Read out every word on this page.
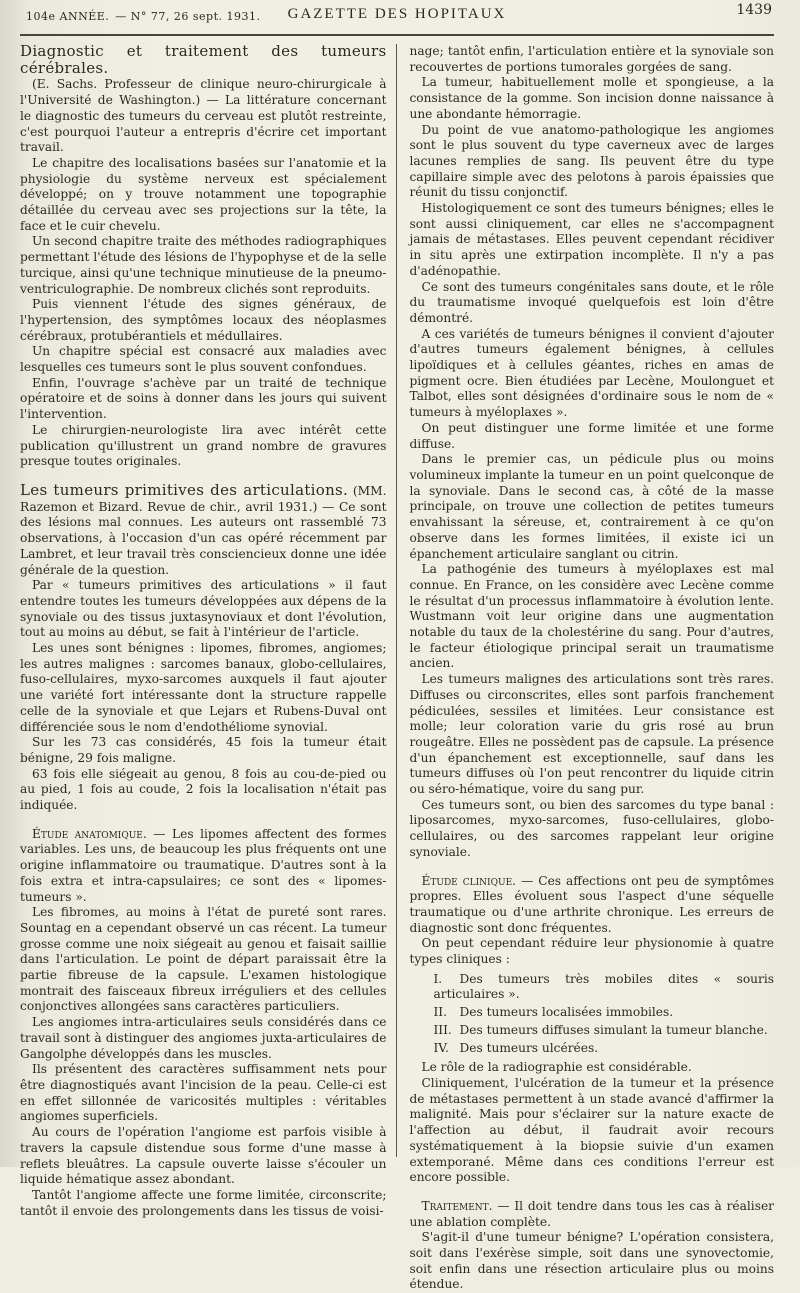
104e ANNÉE. — N° 77, 26 sept. 1931.	GAZETTE DES HOPITAUX	1439

Diagnostic et traitement des tumeurs cérébrales.

(E. Sachs. Professeur de clinique neuro-chirurgicale à l'Université de Washington.) — La littérature concernant le diagnostic des tumeurs du cerveau est plutôt restreinte, c'est pourquoi l'auteur a entrepris d'écrire cet important travail.

Le chapitre des localisations basées sur l'anatomie et la physiologie du système nerveux est spécialement développé; on y trouve notamment une topographie détaillée du cerveau avec ses projections sur la tête, la face et le cuir chevelu.

Un second chapitre traite des méthodes radiographiques permettant l'étude des lésions de l'hypophyse et de la selle turcique, ainsi qu'une technique minutieuse de la pneumo-ventriculographie. De nombreux clichés sont reproduits.

Puis viennent l'étude des signes généraux, de l'hypertension, des symptômes locaux des néoplasmes cérébraux, protubérantiels et médullaires.

Un chapitre spécial est consacré aux maladies avec lesquelles ces tumeurs sont le plus souvent confondues.

Enfin, l'ouvrage s'achève par un traité de technique opératoire et de soins à donner dans les jours qui suivent l'intervention.

Le chirurgien-neurologiste lira avec intérêt cette publication qu'illustrent un grand nombre de gravures presque toutes originales.

Les tumeurs primitives des articulations. (MM. Razemon et Bizard. Revue de chir., avril 1931.) — Ce sont des lésions mal connues. Les auteurs ont rassemblé 73 observations, à l'occasion d'un cas opéré récemment par Lambret, et leur travail très consciencieux donne une idée générale de la question.

Par « tumeurs primitives des articulations » il faut entendre toutes les tumeurs développées aux dépens de la synoviale ou des tissus juxtasynoviaux et dont l'évolution, tout au moins au début, se fait à l'intérieur de l'article.

Les unes sont bénignes : lipomes, fibromes, angiomes; les autres malignes : sarcomes banaux, globo-cellulaires, fuso-cellulaires, myxo-sarcomes auxquels il faut ajouter une variété fort intéressante dont la structure rappelle celle de la synoviale et que Lejars et Rubens-Duval ont différenciée sous le nom d'endothéliome synovial.

Sur les 73 cas considérés, 45 fois la tumeur était bénigne, 29 fois maligne.

63 fois elle siégeait au genou, 8 fois au cou-de-pied ou au pied, 1 fois au coude, 2 fois la localisation n'était pas indiquée.

Étude anatomique. — Les lipomes affectent des formes variables. Les uns, de beaucoup les plus fréquents ont une origine inflammatoire ou traumatique. D'autres sont à la fois extra et intra-capsulaires; ce sont des « lipomes-tumeurs ».

Les fibromes, au moins à l'état de pureté sont rares. Sountag en a cependant observé un cas récent. La tumeur grosse comme une noix siégeait au genou et faisait saillie dans l'articulation. Le point de départ paraissait être la partie fibreuse de la capsule. L'examen histologique montrait des faisceaux fibreux irréguliers et des cellules conjonctives allongées sans caractères particuliers.

Les angiomes intra-articulaires seuls considérés dans ce travail sont à distinguer des angiomes juxta-articulaires de Gangolphe développés dans les muscles.

Ils présentent des caractères suffisamment nets pour être diagnostiqués avant l'incision de la peau. Celle-ci est en effet sillonnée de varicosités multiples : véritables angiomes superficiels.

Au cours de l'opération l'angiome est parfois visible à travers la capsule distendue sous forme d'une masse à reflets bleuâtres. La capsule ouverte laisse s'écouler un liquide hématique assez abondant.

Tantôt l'angiome affecte une forme limitée, circonscrite; tantôt il envoie des prolongements dans les tissus de voisi-

nage; tantôt enfin, l'articulation entière et la synoviale son recouvertes de portions tumorales gorgées de sang.

La tumeur, habituellement molle et spongieuse, a la consistance de la gomme. Son incision donne naissance à une abondante hémorragie.

Du point de vue anatomo-pathologique les angiomes sont le plus souvent du type caverneux avec de larges lacunes remplies de sang. Ils peuvent être du type capillaire simple avec des pelotons à parois épaissies que réunit du tissu conjonctif.

Histologiquement ce sont des tumeurs bénignes; elles le sont aussi cliniquement, car elles ne s'accompagnent jamais de métastases. Elles peuvent cependant récidiver in situ après une extirpation incomplète. Il n'y a pas d'adénopathie.

Ce sont des tumeurs congénitales sans doute, et le rôle du traumatisme invoqué quelquefois est loin d'être démontré.

A ces variétés de tumeurs bénignes il convient d'ajouter d'autres tumeurs également bénignes, à cellules lipoïdiques et à cellules géantes, riches en amas de pigment ocre. Bien étudiées par Lecène, Moulonguet et Talbot, elles sont désignées d'ordinaire sous le nom de « tumeurs à myéloplaxes ».

On peut distinguer une forme limitée et une forme diffuse.

Dans le premier cas, un pédicule plus ou moins volumineux implante la tumeur en un point quelconque de la synoviale. Dans le second cas, à côté de la masse principale, on trouve une collection de petites tumeurs envahissant la séreuse, et, contrairement à ce qu'on observe dans les formes limitées, il existe ici un épanchement articulaire sanglant ou citrin.

La pathogénie des tumeurs à myéloplaxes est mal connue. En France, on les considère avec Lecène comme le résultat d'un processus inflammatoire à évolution lente. Wustmann voit leur origine dans une augmentation notable du taux de la cholestérine du sang. Pour d'autres, le facteur étiologique principal serait un traumatisme ancien.

Les tumeurs malignes des articulations sont très rares. Diffuses ou circonscrites, elles sont parfois franchement pédiculées, sessiles et limitées. Leur consistance est molle; leur coloration varie du gris rosé au brun rougeâtre. Elles ne possèdent pas de capsule. La présence d'un épanchement est exceptionnelle, sauf dans les tumeurs diffuses où l'on peut rencontrer du liquide citrin ou séro-hématique, voire du sang pur.

Ces tumeurs sont, ou bien des sarcomes du type banal : liposarcomes, myxo-sarcomes, fuso-cellulaires, globo-cellulaires, ou des sarcomes rappelant leur origine synoviale.

Étude clinique. — Ces affections ont peu de symptômes propres. Elles évoluent sous l'aspect d'une séquelle traumatique ou d'une arthrite chronique. Les erreurs de diagnostic sont donc fréquentes.

On peut cependant réduire leur physionomie à quatre types cliniques :

I. Des tumeurs très mobiles dites « souris articulaires ».
II. Des tumeurs localisées immobiles.
III. Des tumeurs diffuses simulant la tumeur blanche.
IV. Des tumeurs ulcérées.

Le rôle de la radiographie est considérable.

Cliniquement, l'ulcération de la tumeur et la présence de métastases permettent à un stade avancé d'affirmer la malignité. Mais pour s'éclairer sur la nature exacte de l'affection au début, il faudrait avoir recours systématiquement à la biopsie suivie d'un examen extemporané. Même dans ces conditions l'erreur est encore possible.

Traitement. — Il doit tendre dans tous les cas à réaliser une ablation complète.

S'agit-il d'une tumeur bénigne? L'opération consistera, soit dans l'exérèse simple, soit dans une synovectomie, soit enfin dans une résection articulaire plus ou moins étendue.
